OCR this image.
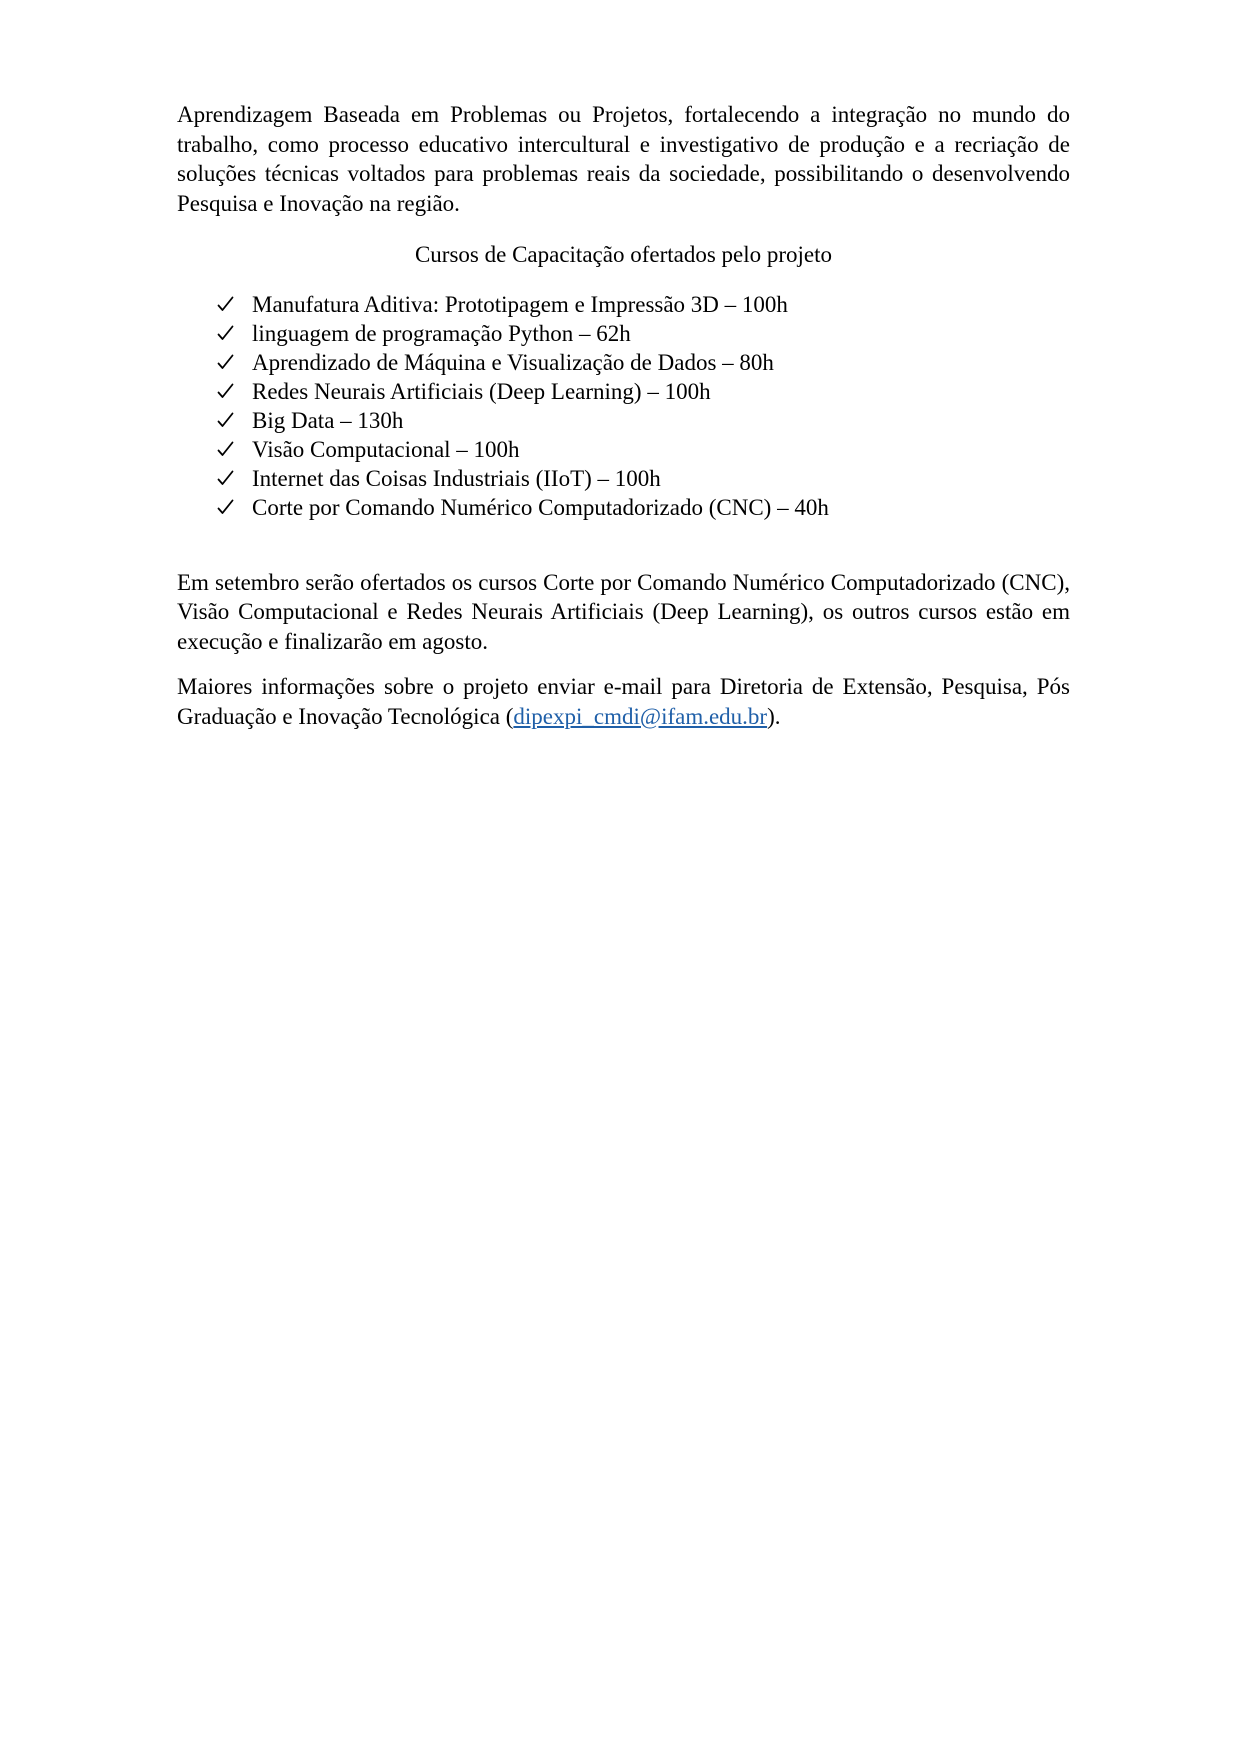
Aprendizagem Baseada em Problemas ou Projetos, fortalecendo a integração no mundo do trabalho, como processo educativo intercultural e investigativo de produção e a recriação de soluções técnicas voltados para problemas reais da sociedade, possibilitando o desenvolvendo Pesquisa e Inovação na região.

Cursos de Capacitação ofertados pelo projeto

Manufatura Aditiva: Prototipagem e Impressão 3D – 100h
linguagem de programação Python – 62h
Aprendizado de Máquina e Visualização de Dados – 80h
Redes Neurais Artificiais (Deep Learning) – 100h
Big Data – 130h
Visão Computacional – 100h
Internet das Coisas Industriais (IIoT) – 100h
Corte por Comando Numérico Computadorizado (CNC) – 40h

Em setembro serão ofertados os cursos Corte por Comando Numérico Computadorizado (CNC), Visão Computacional e Redes Neurais Artificiais (Deep Learning), os outros cursos estão em execução e finalizarão em agosto.

Maiores informações sobre o projeto enviar e-mail para Diretoria de Extensão, Pesquisa, Pós Graduação e Inovação Tecnológica (dipexpi_cmdi@ifam.edu.br).
